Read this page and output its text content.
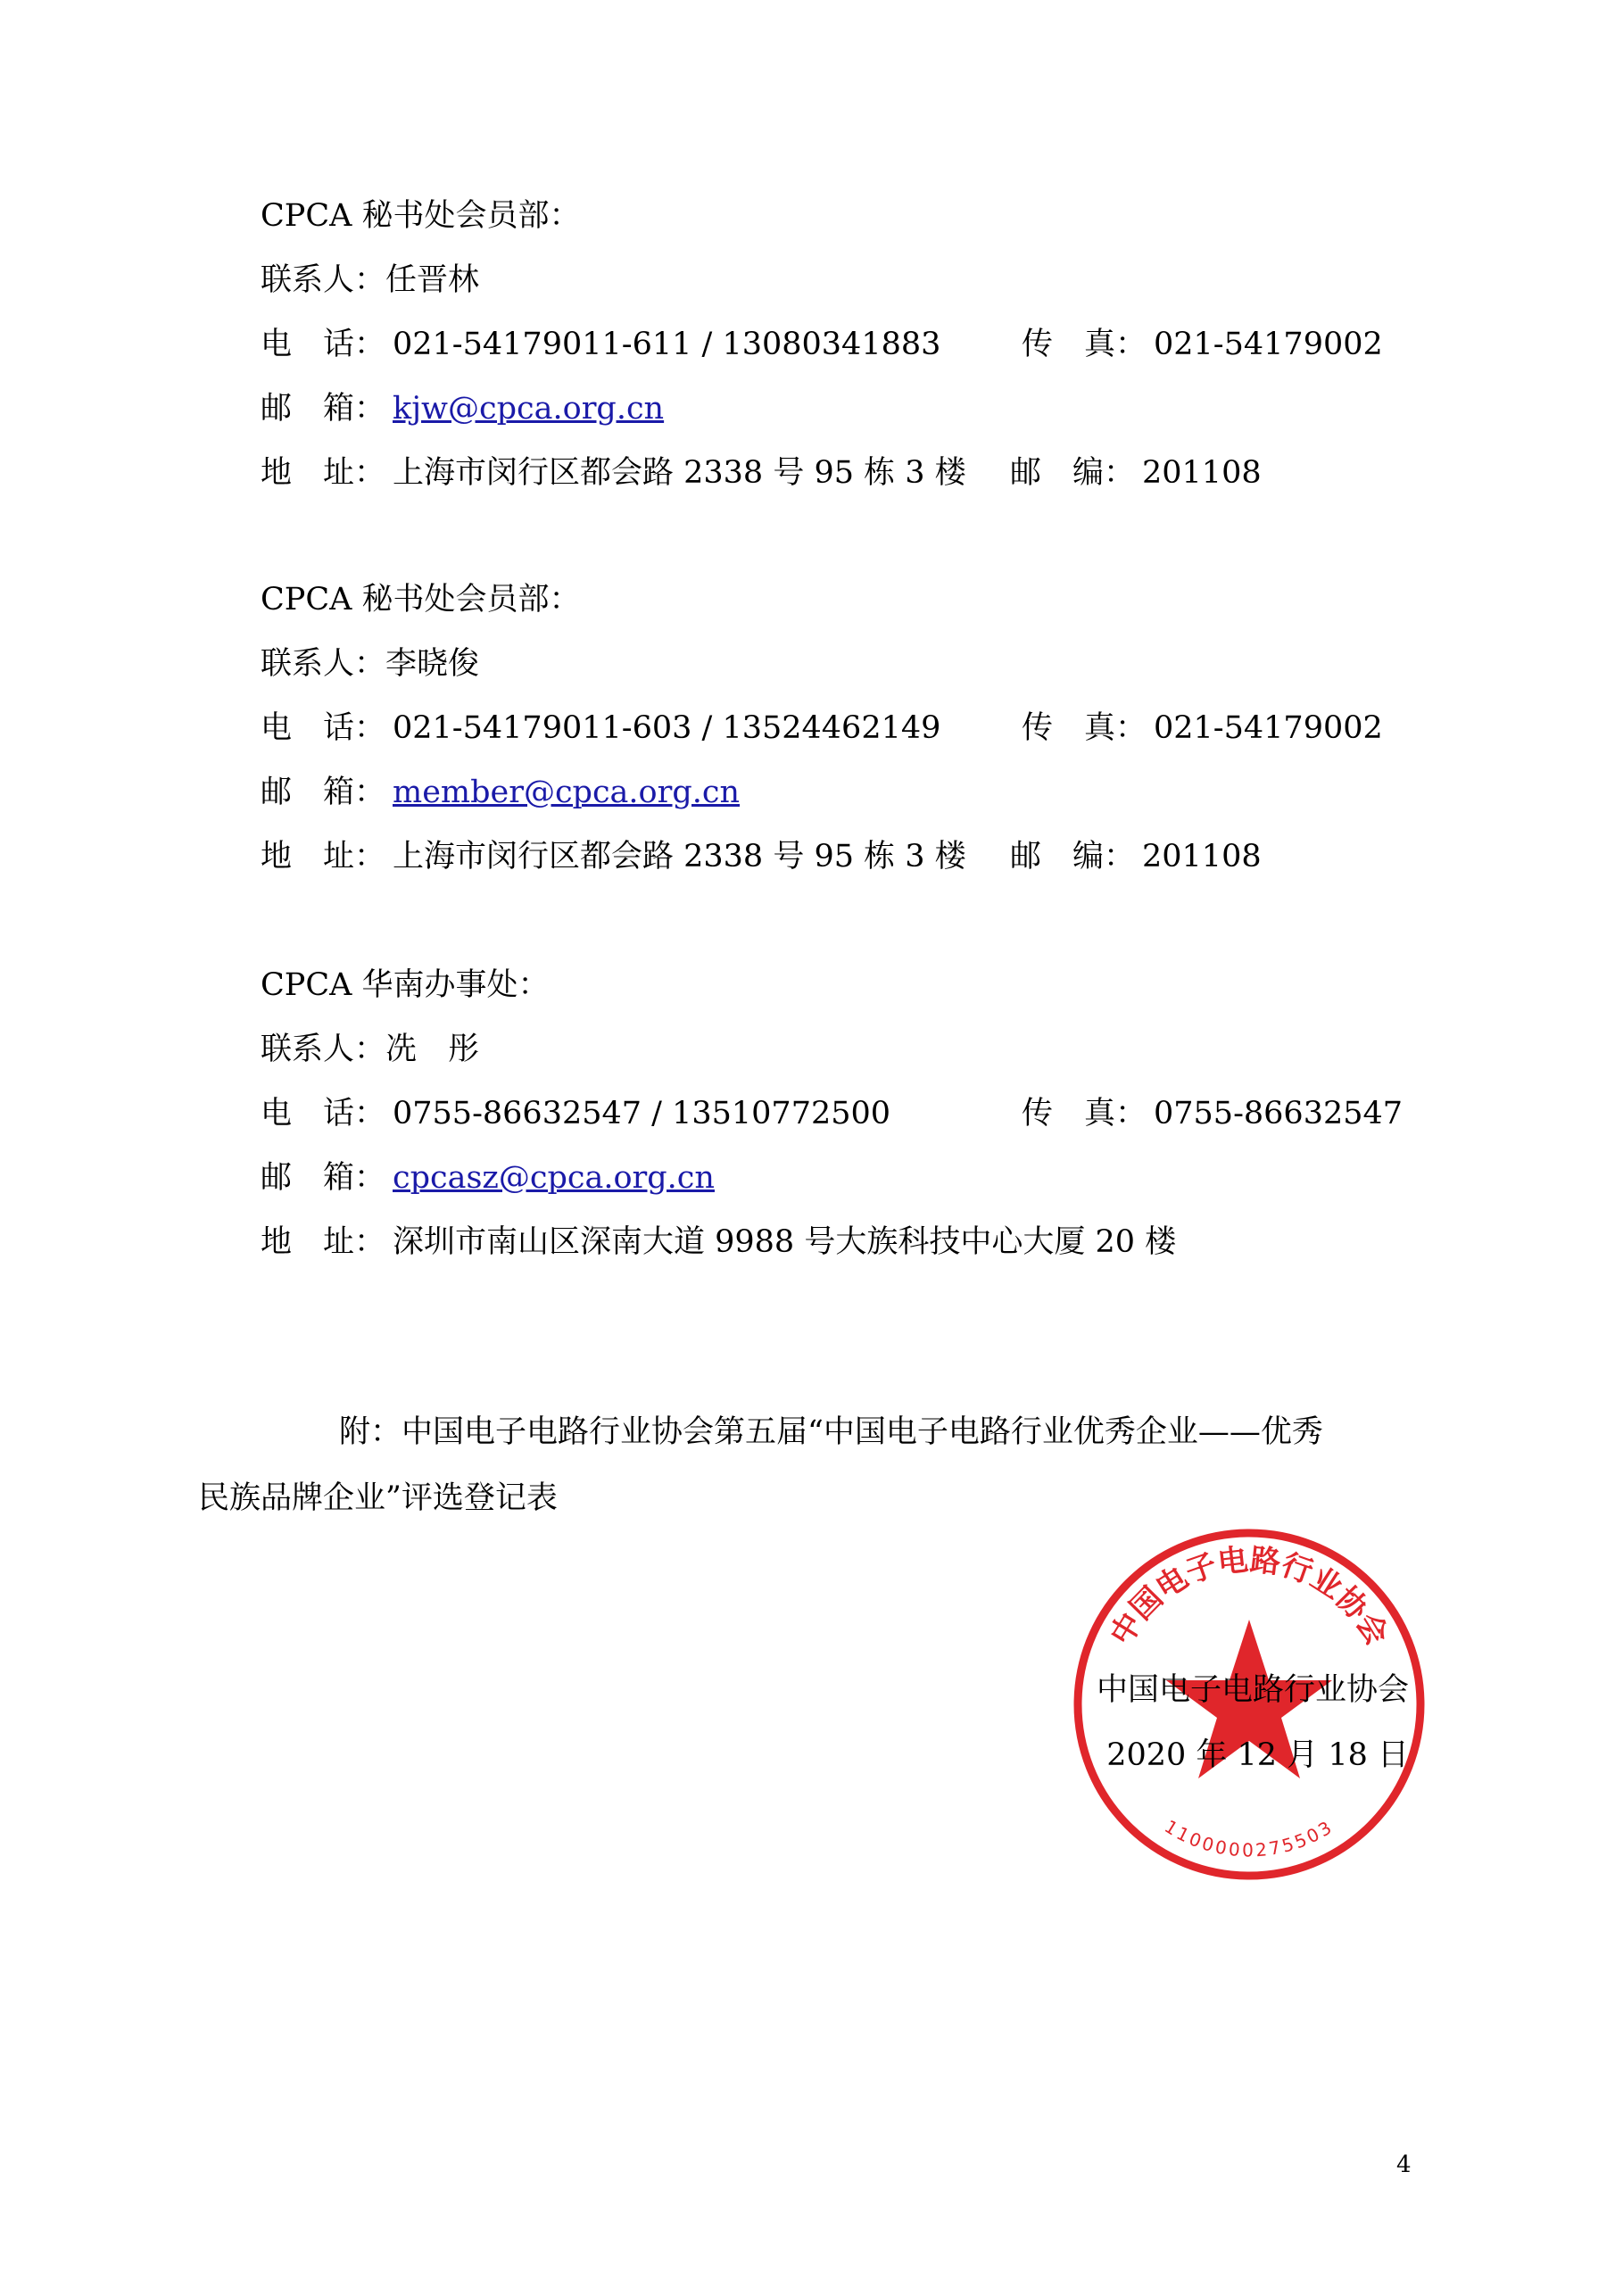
CPCA 秘书处会员部：
联系人：任晋林
电　话： 021-54179011-611 / 13080341883	传　真： 021-54179002
邮　箱： kjw@cpca.org.cn
地　址： 上海市闵行区都会路 2338 号 95 栋 3 楼 邮　编： 201108
CPCA 秘书处会员部：
联系人：李晓俊
电　话： 021-54179011-603 / 13524462149	传　真： 021-54179002
邮　箱： member@cpca.org.cn
地　址： 上海市闵行区都会路 2338 号 95 栋 3 楼 邮　编： 201108
CPCA 华南办事处：
联系人：冼　彤
电　话： 0755-86632547 / 13510772500	传　真： 0755-86632547
邮　箱： cpcasz@cpca.org.cn
地　址： 深圳市南山区深南大道 9988 号大族科技中心大厦 20 楼
中国电子电路行业协会
1100000275503
附：中国电子电路行业协会第五届“中国电子电路行业优秀企业——优秀
民族品牌企业”评选登记表
中国电子电路行业协会
2020 年 12 月 18 日
4
